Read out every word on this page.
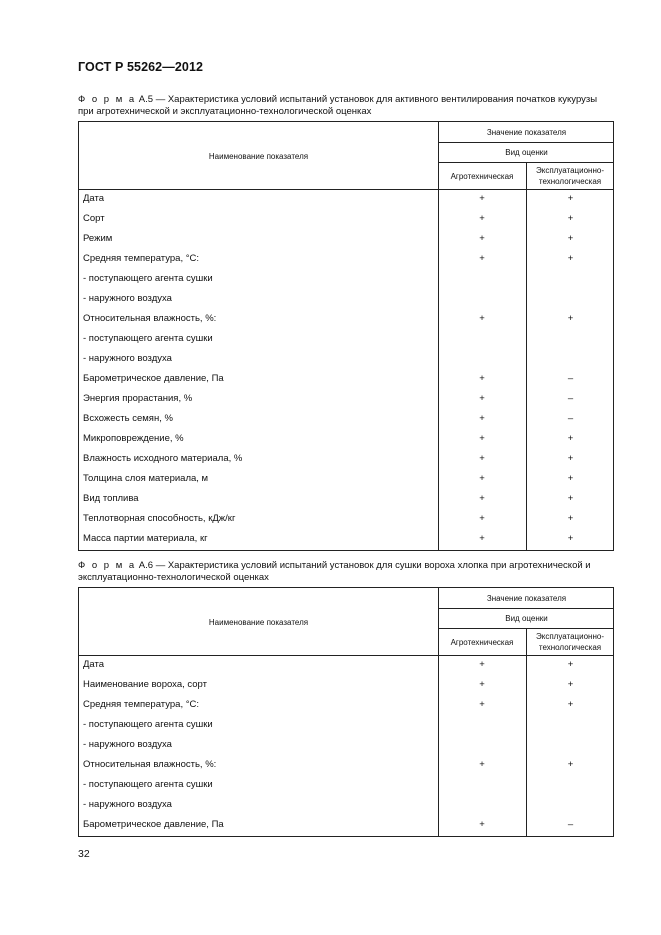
ГОСТ Р 55262—2012
Ф о р м а А.5 — Характеристика условий испытаний установок для активного вентилирования початков кукурузы при агротехнической и эксплуатационно-технологической оценках
Наименование показателя
Значение показателя
Вид оценки
Агротехническая
Эксплуатационно-технологическая
Дата	+	+
Сорт	+	+
Режим	+	+
Средняя температура, °С:	+	+
- поступающего агента сушки
- наружного воздуха
Относительная влажность, %:	+	+
- поступающего агента сушки
- наружного воздуха
Барометрическое давление, Па	+	–
Энергия прорастания, %	+	–
Всхожесть семян, %	+	–
Микроповреждение, %	+	+
Влажность исходного материала, %	+	+
Толщина слоя материала, м	+	+
Вид топлива	+	+
Теплотворная способность, кДж/кг	+	+
Масса партии материала, кг	+	+
Ф о р м а А.6 — Характеристика условий испытаний установок для сушки вороха хлопка при агротехнической и эксплуатационно-технологической оценках
Наименование показателя
Значение показателя
Вид оценки
Агротехническая
Эксплуатационно-технологическая
Дата	+	+
Наименование вороха, сорт	+	+
Средняя температура, °С:	+	+
- поступающего агента сушки
- наружного воздуха
Относительная влажность, %:	+	+
- поступающего агента сушки
- наружного воздуха
Барометрическое давление, Па	+	–
32
